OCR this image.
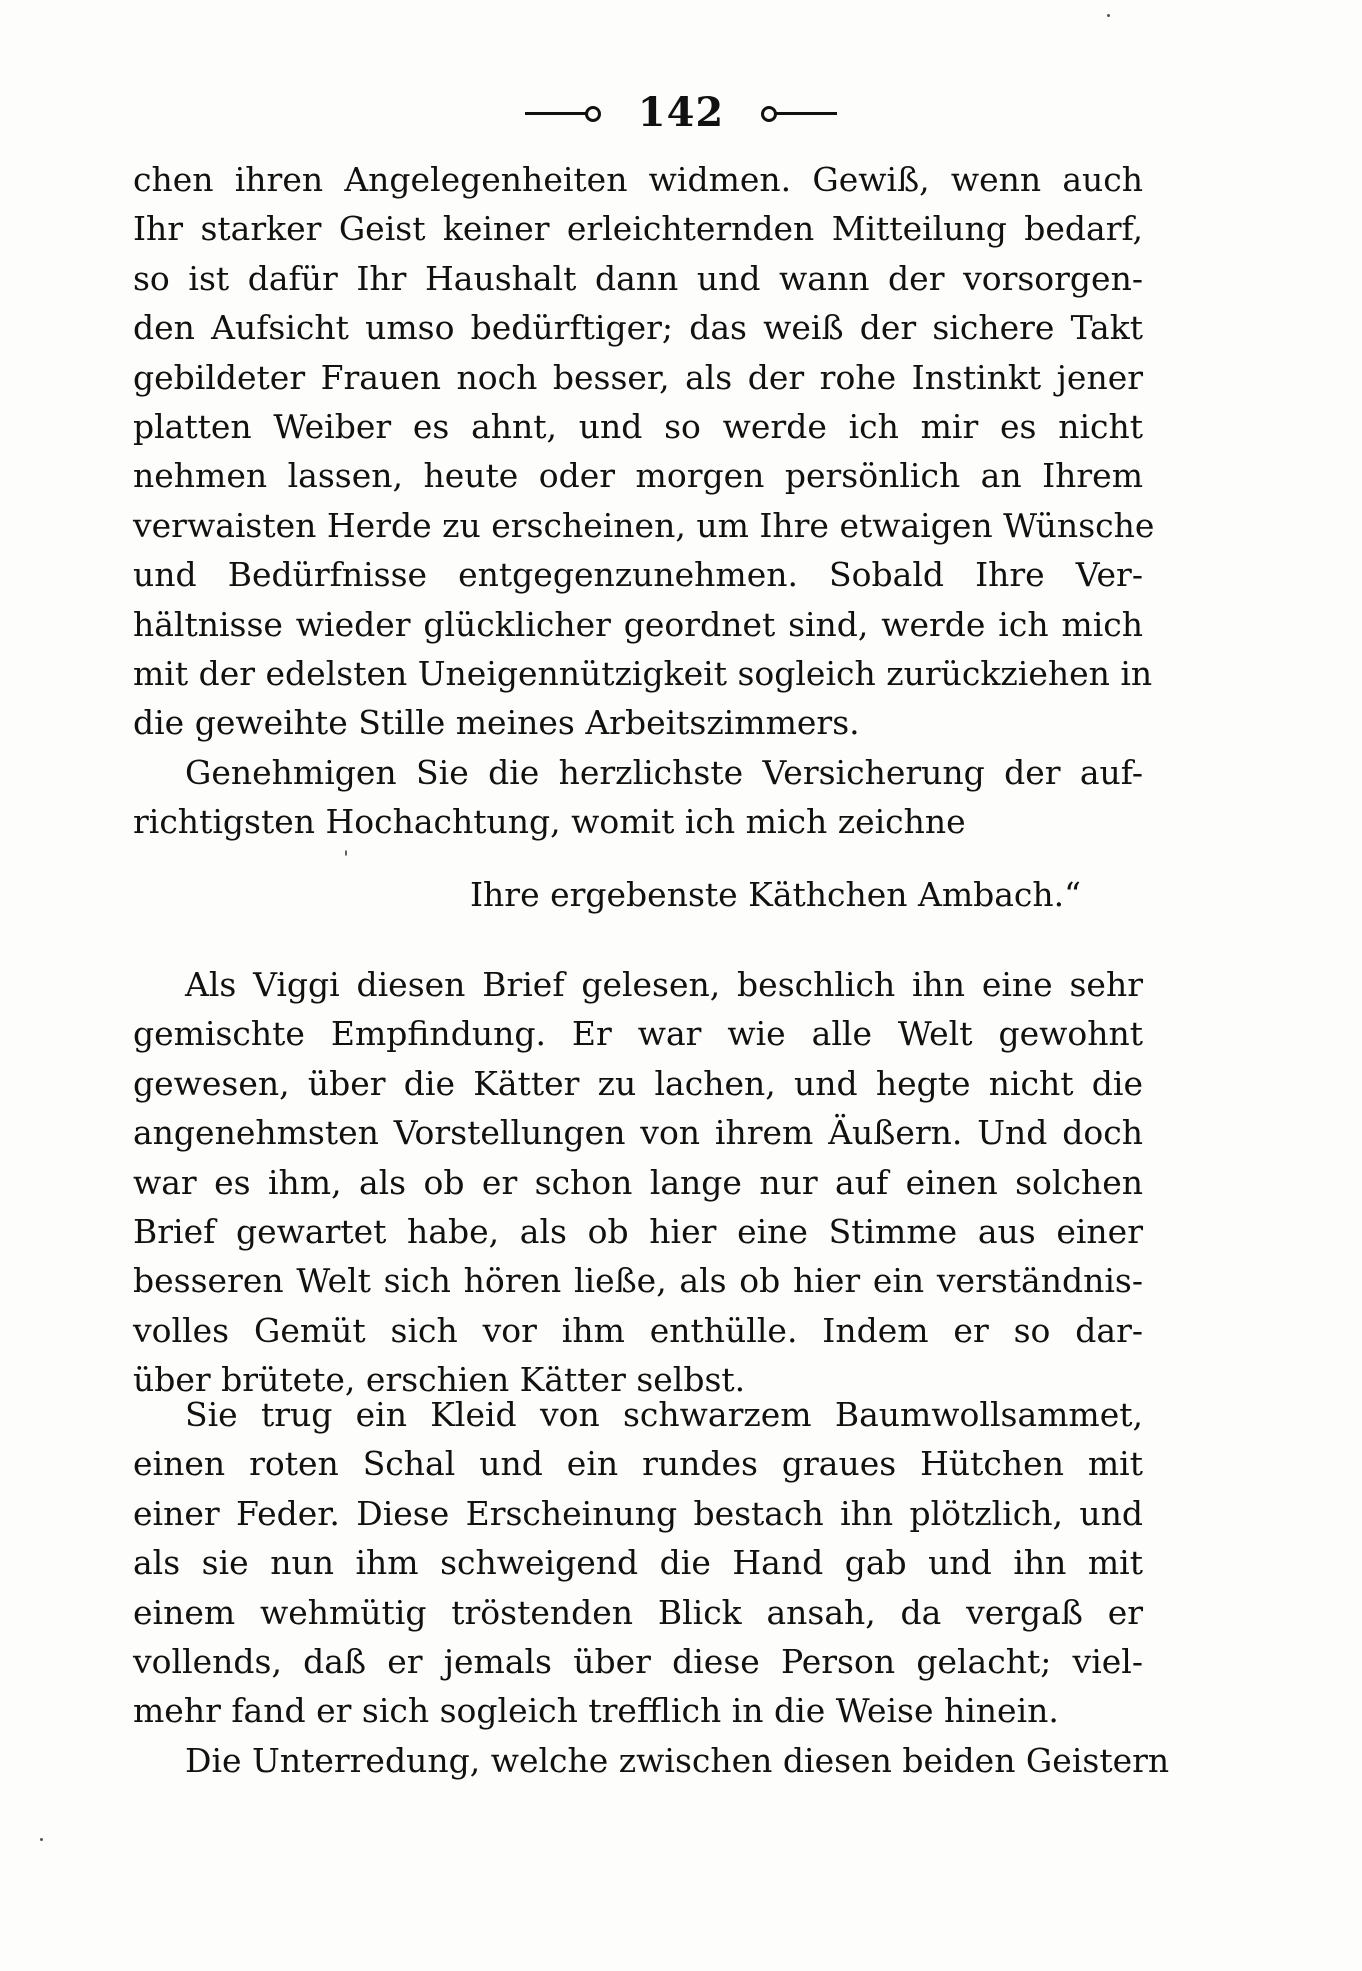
142
chen ihren Angelegenheiten widmen. Gewiß, wenn auch
Ihr starker Geist keiner erleichternden Mitteilung bedarf,
so ist dafür Ihr Haushalt dann und wann der vorsorgen-
den Aufsicht umso bedürftiger; das weiß der sichere Takt
gebildeter Frauen noch besser, als der rohe Instinkt jener
platten Weiber es ahnt, und so werde ich mir es nicht
nehmen lassen, heute oder morgen persönlich an Ihrem
verwaisten Herde zu erscheinen, um Ihre etwaigen Wünsche
und Bedürfnisse entgegenzunehmen. Sobald Ihre Ver-
hältnisse wieder glücklicher geordnet sind, werde ich mich
mit der edelsten Uneigennützigkeit sogleich zurückziehen in
die geweihte Stille meines Arbeitszimmers.
Genehmigen Sie die herzlichste Versicherung der auf-
richtigsten Hochachtung, womit ich mich zeichne
Ihre ergebenste Käthchen Ambach.“
Als Viggi diesen Brief gelesen, beschlich ihn eine sehr
gemischte Empfindung. Er war wie alle Welt gewohnt
gewesen, über die Kätter zu lachen, und hegte nicht die
angenehmsten Vorstellungen von ihrem Äußern. Und doch
war es ihm, als ob er schon lange nur auf einen solchen
Brief gewartet habe, als ob hier eine Stimme aus einer
besseren Welt sich hören ließe, als ob hier ein verständnis-
volles Gemüt sich vor ihm enthülle. Indem er so dar-
über brütete, erschien Kätter selbst.
Sie trug ein Kleid von schwarzem Baumwollsammet,
einen roten Schal und ein rundes graues Hütchen mit
einer Feder. Diese Erscheinung bestach ihn plötzlich, und
als sie nun ihm schweigend die Hand gab und ihn mit
einem wehmütig tröstenden Blick ansah, da vergaß er
vollends, daß er jemals über diese Person gelacht; viel-
mehr fand er sich sogleich trefflich in die Weise hinein.
Die Unterredung, welche zwischen diesen beiden Geistern
